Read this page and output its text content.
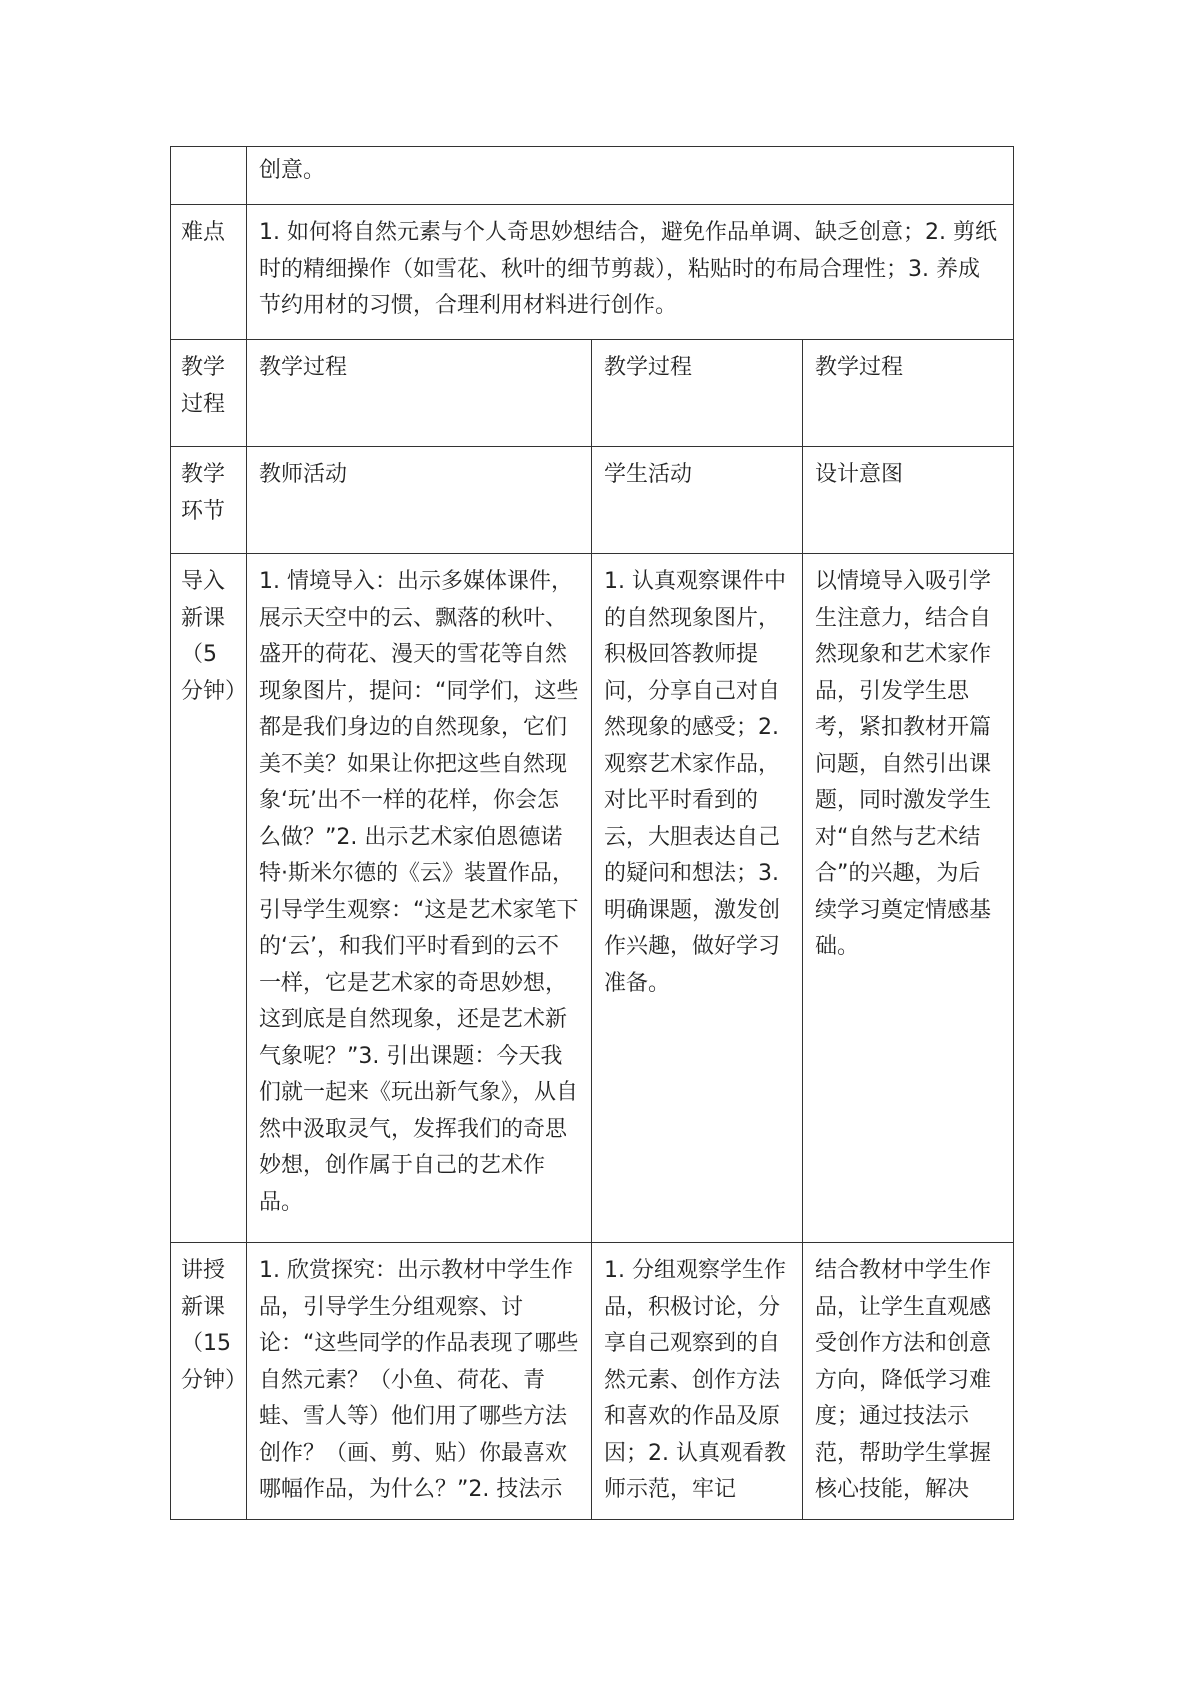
	创意。		
难点	1. 如何将自然元素与个人奇思妙想结合，避免作品单调、缺乏创意；2. 剪纸时的精细操作（如雪花、秋叶的细节剪裁），粘贴时的布局合理性；3. 养成节约用材的习惯，合理利用材料进行创作。		
教学过程	教学过程	教学过程	教学过程
教学环节	教师活动	学生活动	设计意图
导入新课（5分钟）	1. 情境导入：出示多媒体课件，展示天空中的云、飘落的秋叶、盛开的荷花、漫天的雪花等自然现象图片，提问：“同学们，这些都是我们身边的自然现象，它们美不美？如果让你把这些自然现象‘玩’出不一样的花样，你会怎么做？”2. 出示艺术家伯恩德诺特·斯米尔德的《云》装置作品，引导学生观察：“这是艺术家笔下的‘云’，和我们平时看到的云不一样，它是艺术家的奇思妙想，这到底是自然现象，还是艺术新气象呢？”3. 引出课题：今天我们就一起来《玩出新气象》，从自然中汲取灵气，发挥我们的奇思妙想，创作属于自己的艺术作品。	1. 认真观察课件中的自然现象图片，积极回答教师提问，分享自己对自然现象的感受；2. 观察艺术家作品，对比平时看到的云，大胆表达自己的疑问和想法；3. 明确课题，激发创作兴趣，做好学习准备。	以情境导入吸引学生注意力，结合自然现象和艺术家作品，引发学生思考，紧扣教材开篇问题，自然引出课题，同时激发学生对“自然与艺术结合”的兴趣，为后续学习奠定情感基础。
讲授新课（15分钟）	1. 欣赏探究：出示教材中学生作品，引导学生分组观察、讨论：“这些同学的作品表现了哪些自然元素？（小鱼、荷花、青蛙、雪人等）他们用了哪些方法创作？（画、剪、贴）你最喜欢哪幅作品，为什么？”2. 技法示	1. 分组观察学生作品，积极讨论，分享自己观察到的自然元素、创作方法和喜欢的作品及原因；2. 认真观看教师示范，牢记	结合教材中学生作品，让学生直观感受创作方法和创意方向，降低学习难度；通过技法示范，帮助学生掌握核心技能，解决
